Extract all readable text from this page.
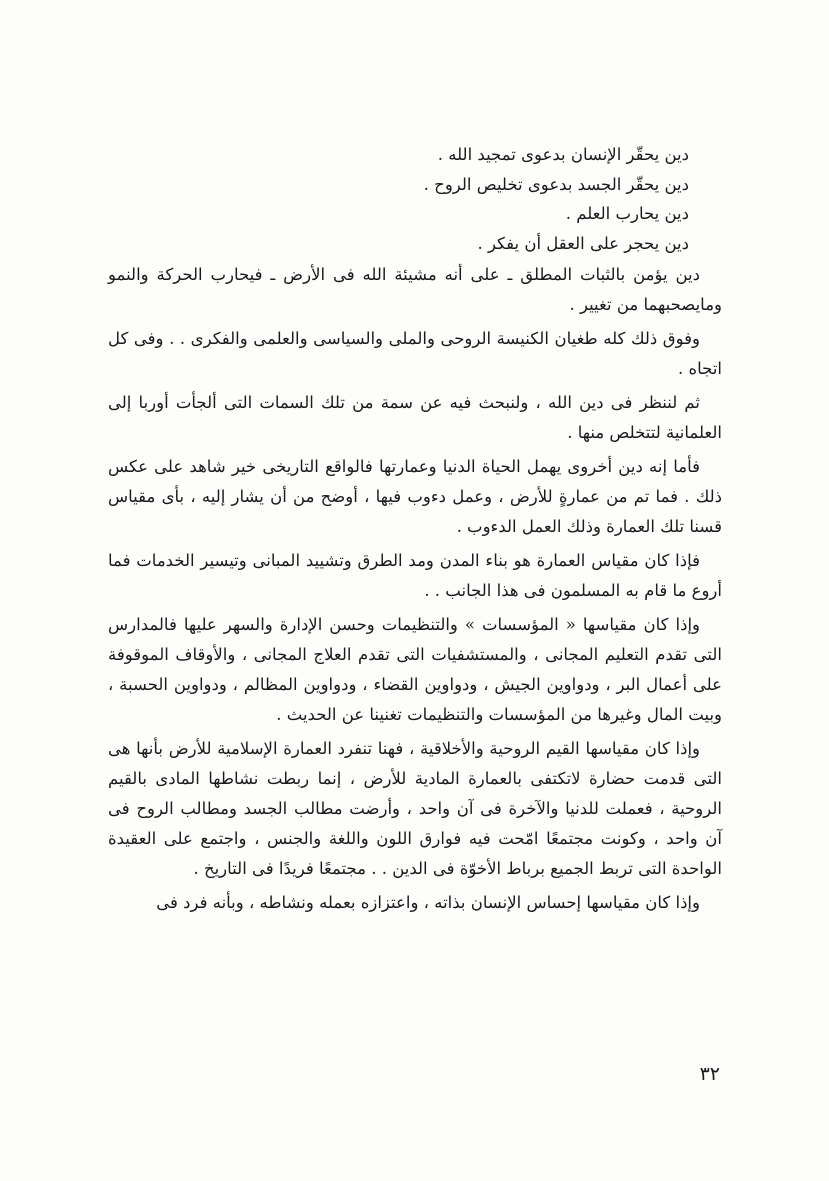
دين يحقّر الإنسان بدعوى تمجيد الله .
دين يحقّر الجسد بدعوى تخليص الروح .
دين يحارب العلم .
دين يحجر على العقل أن يفكر .

دين يؤمن بالثبات المطلق ـ على أنه مشيئة الله فى الأرض ـ فيحارب الحركة والنمو ومايصحبهما من تغيير .

وفوق ذلك كله طغيان الكنيسة الروحى والملى والسياسى والعلمى والفكرى . . وفى كل اتجاه .

ثم لننظر فى دين الله ، ولنبحث فيه عن سمة من تلك السمات التى ألجأت أوربا إلى العلمانية لتتخلص منها .

فأما إنه دين أخروى يهمل الحياة الدنيا وعمارتها فالواقع التاريخى خير شاهد على عكس ذلك . فما تم من عمارةٍ للأرض ، وعمل دءوب فيها ، أوضح من أن يشار إليه ، بأى مقياس قسنا تلك العمارة وذلك العمل الدءوب .

فإذا كان مقياس العمارة هو بناء المدن ومد الطرق وتشييد المبانى وتيسير الخدمات فما أروع ما قام به المسلمون فى هذا الجانب . .

وإذا كان مقياسها « المؤسسات » والتنظيمات وحسن الإدارة والسهر عليها فالمدارس التى تقدم التعليم المجانى ، والمستشفيات التى تقدم العلاج المجانى ، والأوقاف الموقوفة على أعمال البر ، ودواوين الجيش ، ودواوين القضاء ، ودواوين المظالم ، ودواوين الحسبة ، وبيت المال وغيرها من المؤسسات والتنظيمات تغنينا عن الحديث .

وإذا كان مقياسها القيم الروحية والأخلاقية ، فهنا تنفرد العمارة الإسلامية للأرض بأنها هى التى قدمت حضارة لاتكتفى بالعمارة المادية للأرض ، إنما ربطت نشاطها المادى بالقيم الروحية ، فعملت للدنيا والآخرة فى آن واحد ، وأرضت مطالب الجسد ومطالب الروح فى آن واحد ، وكونت مجتمعًا امّحت فيه فوارق اللون واللغة والجنس ، واجتمع على العقيدة الواحدة التى تربط الجميع برباط الأخوّة فى الدين . . مجتمعًا فريدًا فى التاريخ .

وإذا كان مقياسها إحساس الإنسان بذاته ، واعتزازه بعمله ونشاطه ، وبأنه فرد فى

٣٢
